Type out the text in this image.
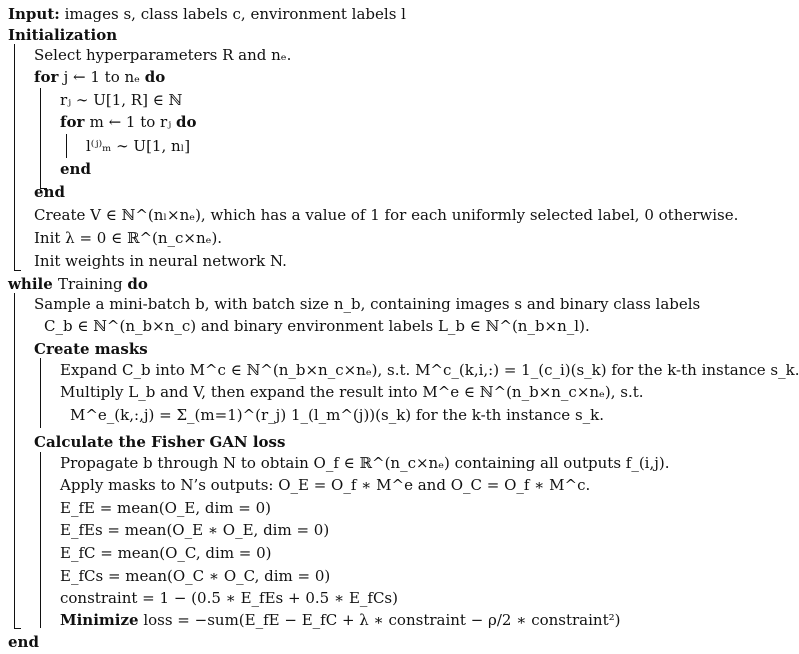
Input: images s, class labels c, environment labels l
Initialization
Select hyperparameters R and nₑ.
for j ← 1 to nₑ do
rⱼ ∼ U[1, R] ∈ ℕ
for m ← 1 to rⱼ do
l⁽ʲ⁾ₘ ∼ U[1, nₗ]
end
end
Create V ∈ ℕ^(nₗ×nₑ), which has a value of 1 for each uniformly selected label, 0 otherwise.
Init λ = 0 ∈ ℝ^(n_c×nₑ).
Init weights in neural network N.
while Training do
Sample a mini-batch b, with batch size n_b, containing images s and binary class labels
C_b ∈ ℕ^(n_b×n_c) and binary environment labels L_b ∈ ℕ^(n_b×n_l).
Create masks
Expand C_b into M^c ∈ ℕ^(n_b×n_c×nₑ), s.t. M^c_(k,i,:) = 1_(c_i)(s_k) for the k-th instance s_k.
Multiply L_b and V, then expand the result into M^e ∈ ℕ^(n_b×n_c×nₑ), s.t.
M^e_(k,:,j) = Σ_(m=1)^(r_j) 1_(l_m^(j))(s_k) for the k-th instance s_k.
Calculate the Fisher GAN loss
Propagate b through N to obtain O_f ∈ ℝ^(n_c×nₑ) containing all outputs f_(i,j).
Apply masks to N’s outputs: O_E = O_f ∗ M^e and O_C = O_f ∗ M^c.
E_fE = mean(O_E, dim = 0)
E_fEs = mean(O_E ∗ O_E, dim = 0)
E_fC = mean(O_C, dim = 0)
E_fCs = mean(O_C ∗ O_C, dim = 0)
constraint = 1 − (0.5 ∗ E_fEs + 0.5 ∗ E_fCs)
Minimize loss = −sum(E_fE − E_fC + λ ∗ constraint − ρ/2 ∗ constraint²)
end
